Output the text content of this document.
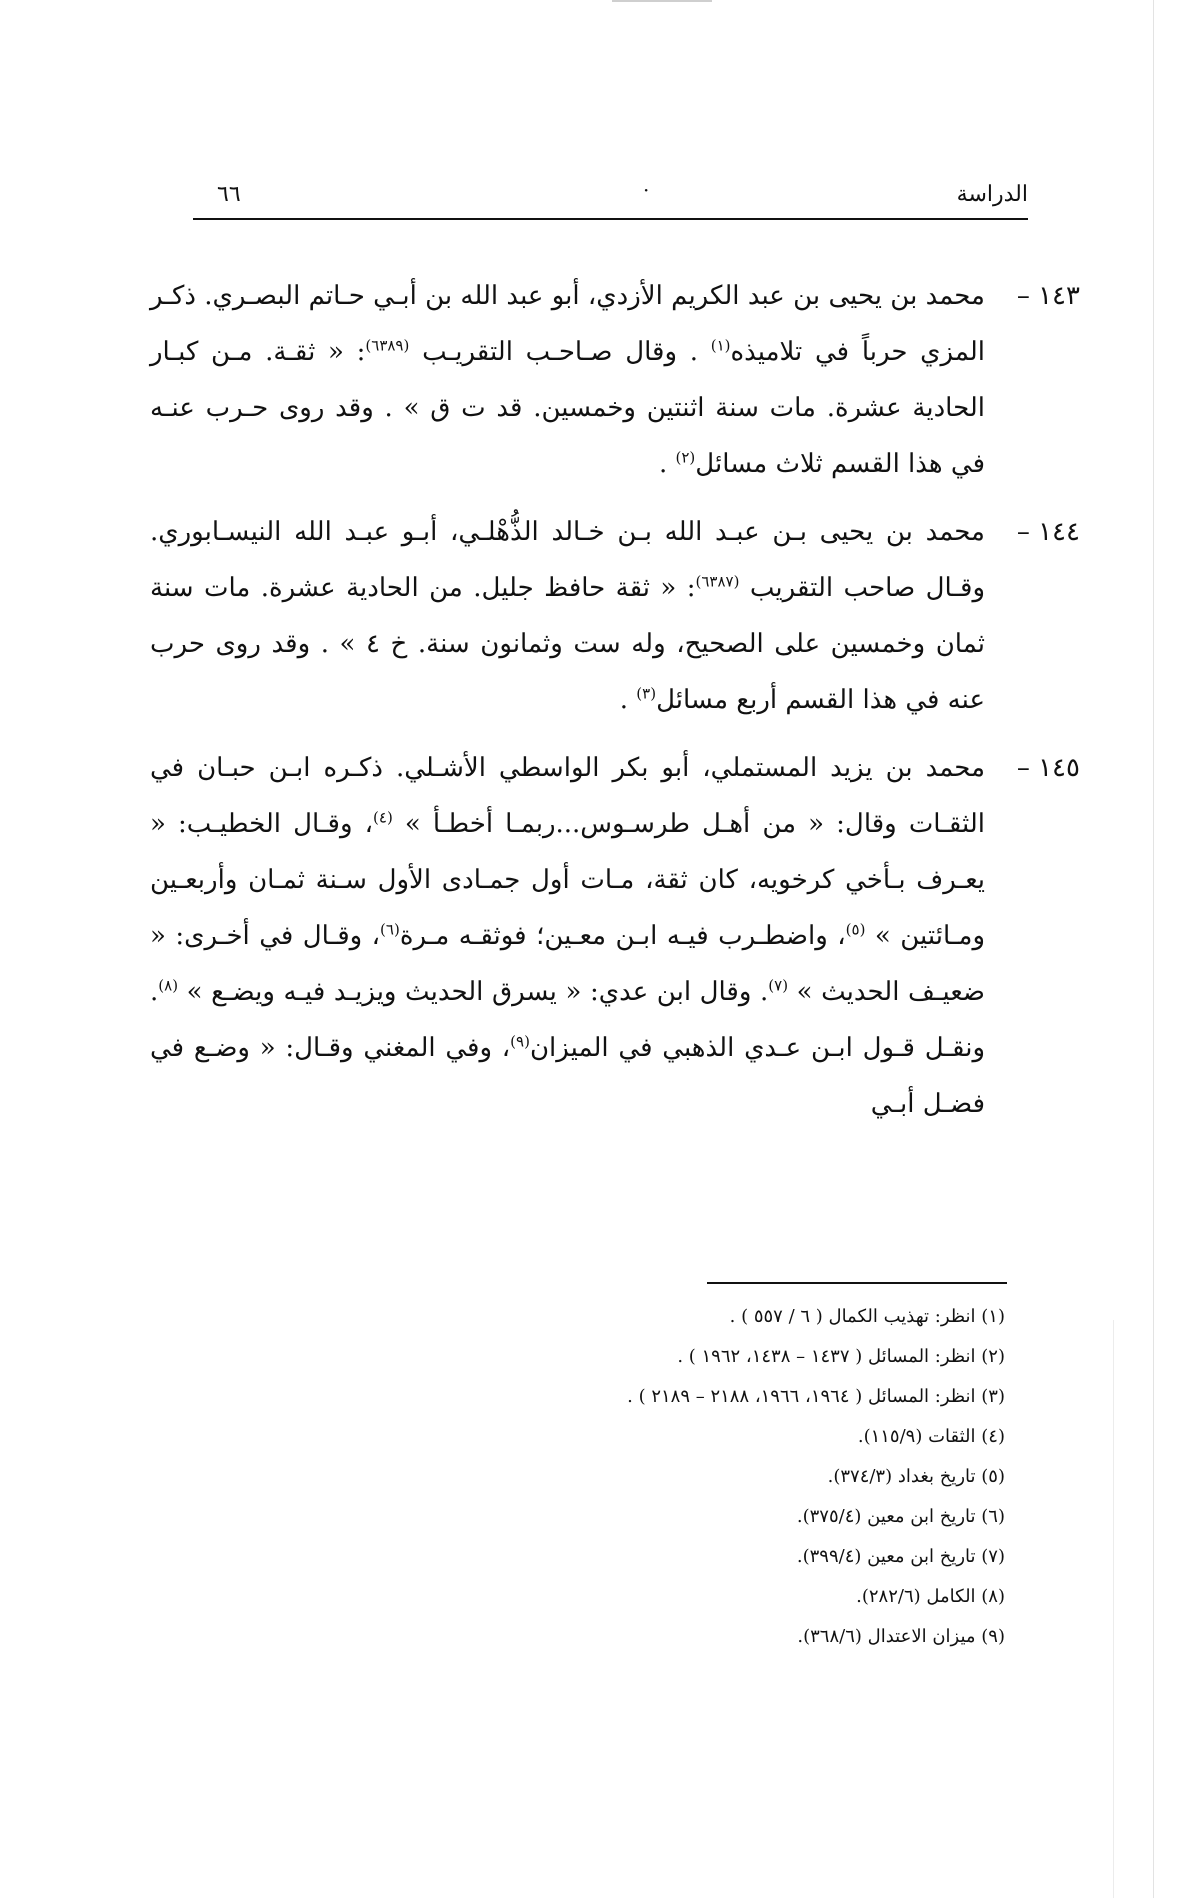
الدراسة
·
٦٦
١٤٣ –

محمد بن يحيى بن عبد الكريم الأزدي، أبو عبد الله بن أبـي حـاتم البصـري. ذكـر المزي حرباً في تلاميذه$^{(١)}$ . وقال صـاحـب التقريـب $^{(٦٣٨٩)}$: « ثقـة. مـن كبـار الحادية عشرة. مات سنة اثنتين وخمسين. قد ت ق » . وقد روى حـرب عنـه في هذا القسم ثلاث مسائل$^{(٢)}$ .

١٤٤ –

محمد بن يحيى بـن عبـد الله بـن خـالد الذُّهْلـي، أبـو عبـد الله النيسـابوري. وقـال صاحب التقريب $^{(٦٣٨٧)}$: « ثقة حافظ جليل. من الحادية عشرة. مات سنة ثمان وخمسين على الصحيح، وله ست وثمانون سنة. خ ٤ » . وقد روى حرب عنه في هذا القسم أربع مسائل$^{(٣)}$ .

١٤٥ –

محمد بن يزيد المستملي، أبو بكر الواسطي الأشـلي. ذكـره ابـن حبـان في الثقـات وقال: « من أهـل طرسـوس...ربمـا أخطـأ » $^{(٤)}$، وقـال الخطيـب: « يعـرف بـأخي كرخويه، كان ثقة، مـات أول جمـادى الأول سـنة ثمـان وأربعـين ومـائتين » $^{(٥)}$، واضطـرب فيـه ابـن معـين؛ فوثقـه مـرة$^{(٦)}$، وقـال في أخـرى: « ضعيـف الحديث » $^{(٧)}$. وقال ابن عدي: « يسرق الحديث ويزيـد فيـه ويضـع » $^{(٨)}$. ونقـل قـول ابـن عـدي الذهبي في الميزان$^{(٩)}$، وفي المغني وقـال: « وضـع في فضـل أبـي

(١) انظر: تهذيب الكمال ( ٦ / ٥٥٧ ) .

(٢) انظر: المسائل ( ١٤٣٧ – ١٤٣٨، ١٩٦٢ ) .

(٣) انظر: المسائل ( ١٩٦٤، ١٩٦٦، ٢١٨٨ – ٢١٨٩ ) .

(٤) الثقات (١١٥/٩).

(٥) تاريخ بغداد (٣٧٤/٣).

(٦) تاريخ ابن معين (٣٧٥/٤).

(٧) تاريخ ابن معين (٣٩٩/٤).

(٨) الكامل (٢٨٢/٦).

(٩) ميزان الاعتدال (٣٦٨/٦).
